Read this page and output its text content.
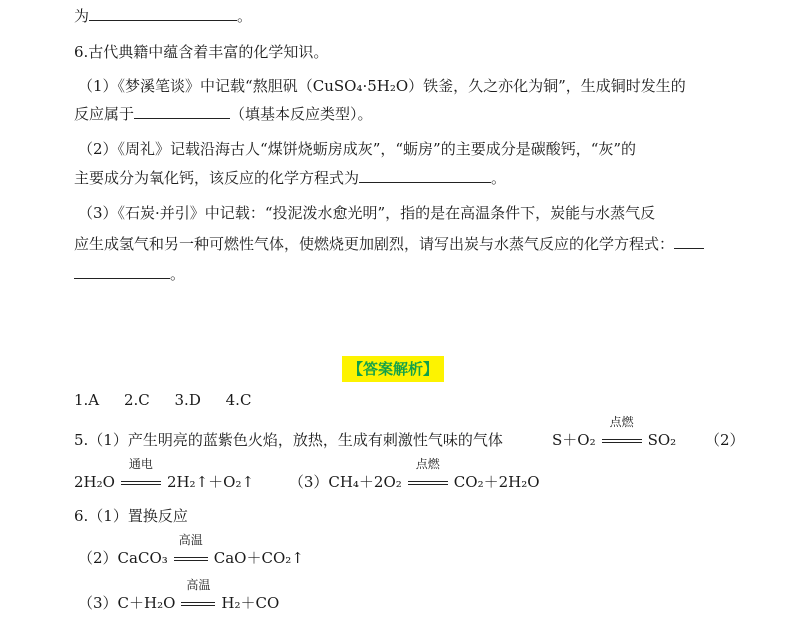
为	。
6.古代典籍中蕴含着丰富的化学知识。
（1）《梦溪笔谈》中记载“熬胆矾（CuSO₄·5H₂O）铁釜，久之亦化为铜”，生成铜时发生的
反应属于	（填基本反应类型）。
（2）《周礼》记载沿海古人“煤饼烧蛎房成灰”，“蛎房”的主要成分是碳酸钙，“灰”的
主要成分为氧化钙，该反应的化学方程式为	。
（3）《石炭·并引》中记载：“投泥泼水愈光明”，指的是在高温条件下，炭能与水蒸气反
应生成氢气和另一种可燃性气体，使燃烧更加剧烈，请写出炭与水蒸气反应的化学方程式：
。
【答案解析】
1.A 2.C 3.D 4.C
5.（1）产生明亮的蓝紫色火焰，放热，生成有刺激性气味的气体	S＋O₂
点燃
SO₂ （2）
2H₂O
通电
2H₂↑＋O₂↑ （3）CH₄＋2O₂
点燃
CO₂＋2H₂O
6.（1）置换反应
（2）CaCO₃
高温
CaO＋CO₂↑
（3）C＋H₂O
高温
H₂＋CO
